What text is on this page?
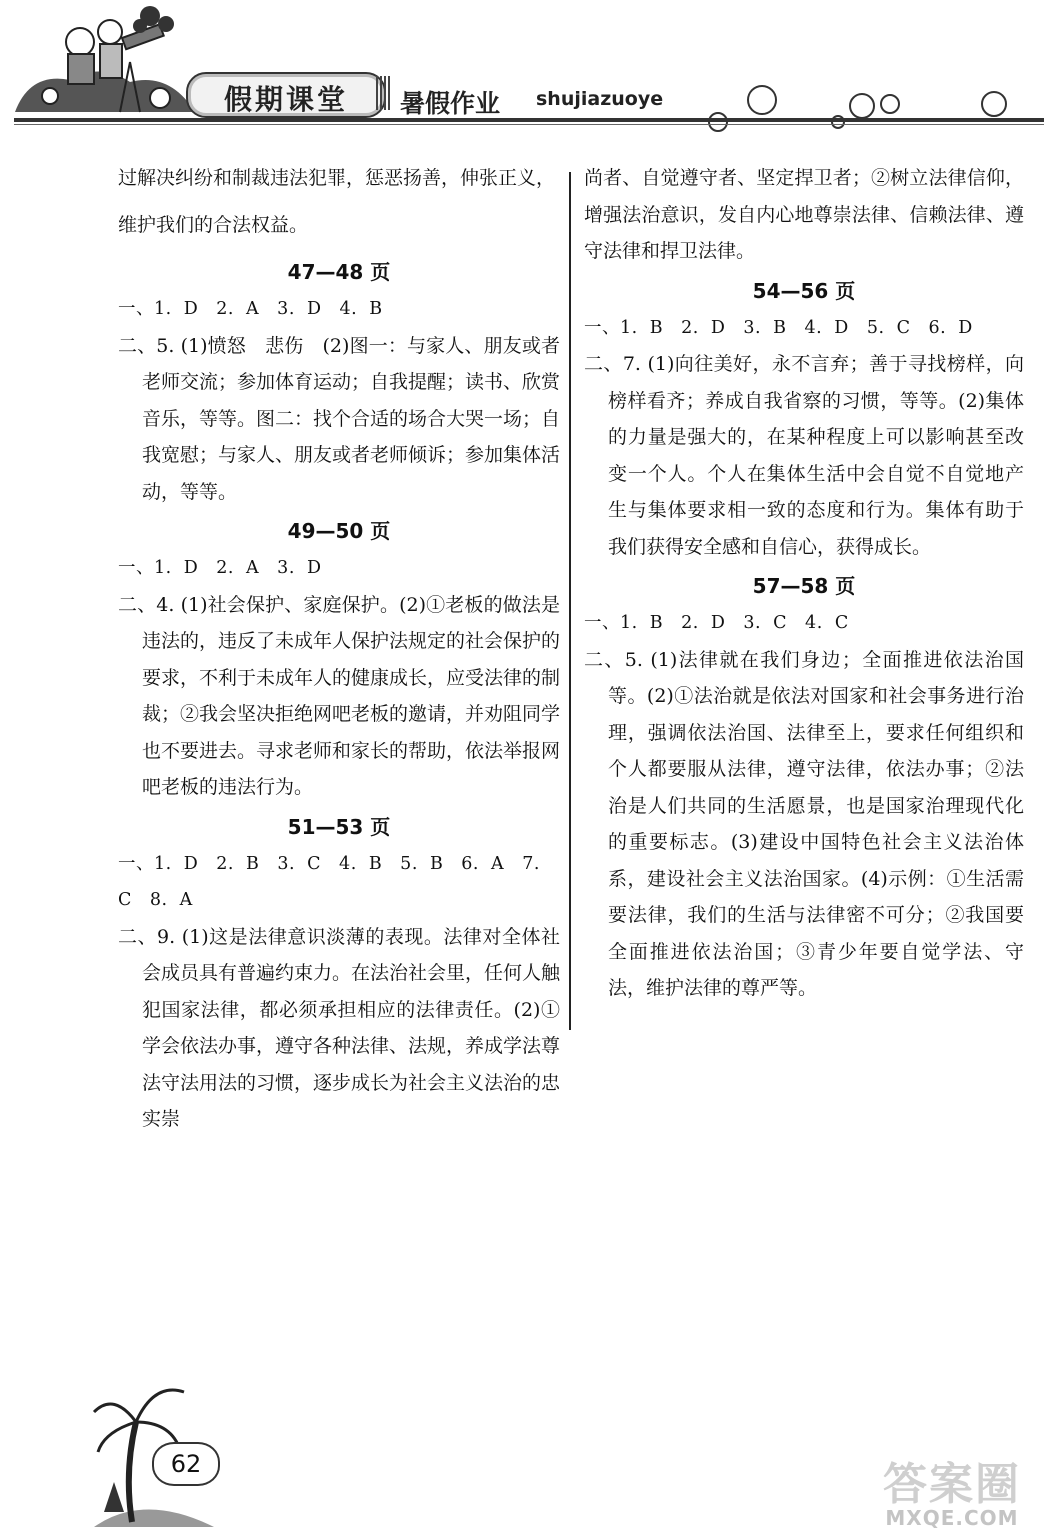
假期课堂	暑假作业 shujiazuoye

过解决纠纷和制裁违法犯罪，惩恶扬善，伸张正义，

维护我们的合法权益。

47—48 页

一、1. D　2. A　3. D　4. B

二、5. (1)愤怒　悲伤　(2)图一：与家人、朋友或者老师交流；参加体育运动；自我提醒；读书、欣赏音乐，等等。图二：找个合适的场合大哭一场；自我宽慰；与家人、朋友或者老师倾诉；参加集体活动，等等。

49—50 页

一、1. D　2. A　3. D

二、4. (1)社会保护、家庭保护。(2)①老板的做法是违法的，违反了未成年人保护法规定的社会保护的要求，不利于未成年人的健康成长，应受法律的制裁；②我会坚决拒绝网吧老板的邀请，并劝阻同学也不要进去。寻求老师和家长的帮助，依法举报网吧老板的违法行为。

51—53 页

一、1. D　2. B　3. C　4. B　5. B　6. A　7. C　8. A

二、9. (1)这是法律意识淡薄的表现。法律对全体社会成员具有普遍约束力。在法治社会里，任何人触犯国家法律，都必须承担相应的法律责任。(2)①学会依法办事，遵守各种法律、法规，养成学法尊法守法用法的习惯，逐步成长为社会主义法治的忠实崇

尚者、自觉遵守者、坚定捍卫者；②树立法律信仰，增强法治意识，发自内心地尊崇法律、信赖法律、遵守法律和捍卫法律。

54—56 页

一、1. B　2. D　3. B　4. D　5. C　6. D

二、7. (1)向往美好，永不言弃；善于寻找榜样，向榜样看齐；养成自我省察的习惯，等等。(2)集体的力量是强大的，在某种程度上可以影响甚至改变一个人。个人在集体生活中会自觉不自觉地产生与集体要求相一致的态度和行为。集体有助于我们获得安全感和自信心，获得成长。

57—58 页

一、1. B　2. D　3. C　4. C

二、5. (1)法律就在我们身边；全面推进依法治国等。(2)①法治就是依法对国家和社会事务进行治理，强调依法治国、法律至上，要求任何组织和个人都要服从法律，遵守法律，依法办事；②法治是人们共同的生活愿景，也是国家治理现代化的重要标志。(3)建设中国特色社会主义法治体系，建设社会主义法治国家。(4)示例：①生活需要法律，我们的生活与法律密不可分；②我国要全面推进依法治国；③青少年要自觉学法、守法，维护法律的尊严等。

62	答案圈
MXQE.COM
